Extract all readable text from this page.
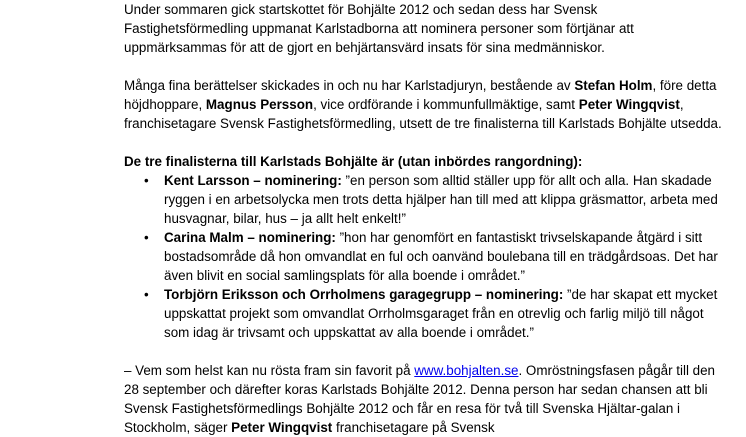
Under sommaren gick startskottet för Bohjälte 2012 och sedan dess har Svensk Fastighetsförmedling uppmanat Karlstadborna att nominera personer som förtjänar att uppmärksammas för att de gjort en behjärtansvärd insats för sina medmänniskor.

Många fina berättelser skickades in och nu har Karlstadjuryn, bestående av Stefan Holm, före detta höjdhoppare, Magnus Persson, vice ordförande i kommunfullmäktige, samt Peter Wingqvist, franchisetagare Svensk Fastighetsförmedling, utsett de tre finalisterna till Karlstads Bohjälte utsedda.

De tre finalisterna till Karlstads Bohjälte är (utan inbördes rangordning):

• Kent Larsson – nominering: ”en person som alltid ställer upp för allt och alla. Han skadade ryggen i en arbetsolycka men trots detta hjälper han till med att klippa gräsmattor, arbeta med husvagnar, bilar, hus – ja allt helt enkelt!”
• Carina Malm – nominering: ”hon har genomfört en fantastiskt trivselskapande åtgärd i sitt bostadsområde då hon omvandlat en ful och oanvänd boulebana till en trädgårdsoas. Det har även blivit en social samlingsplats för alla boende i området.”
• Torbjörn Eriksson och Orrholmens garagegrupp – nominering: ”de har skapat ett mycket uppskattat projekt som omvandlat Orrholmsgaraget från en otrevlig och farlig miljö till något som idag är trivsamt och uppskattat av alla boende i området.”

– Vem som helst kan nu rösta fram sin favorit på www.bohjalten.se. Omröstningsfasen pågår till den 28 september och därefter koras Karlstads Bohjälte 2012. Denna person har sedan chansen att bli Svensk Fastighetsförmedlings Bohjälte 2012 och får en resa för två till Svenska Hjältar-galan i Stockholm, säger Peter Wingqvist franchisetagare på Svensk
